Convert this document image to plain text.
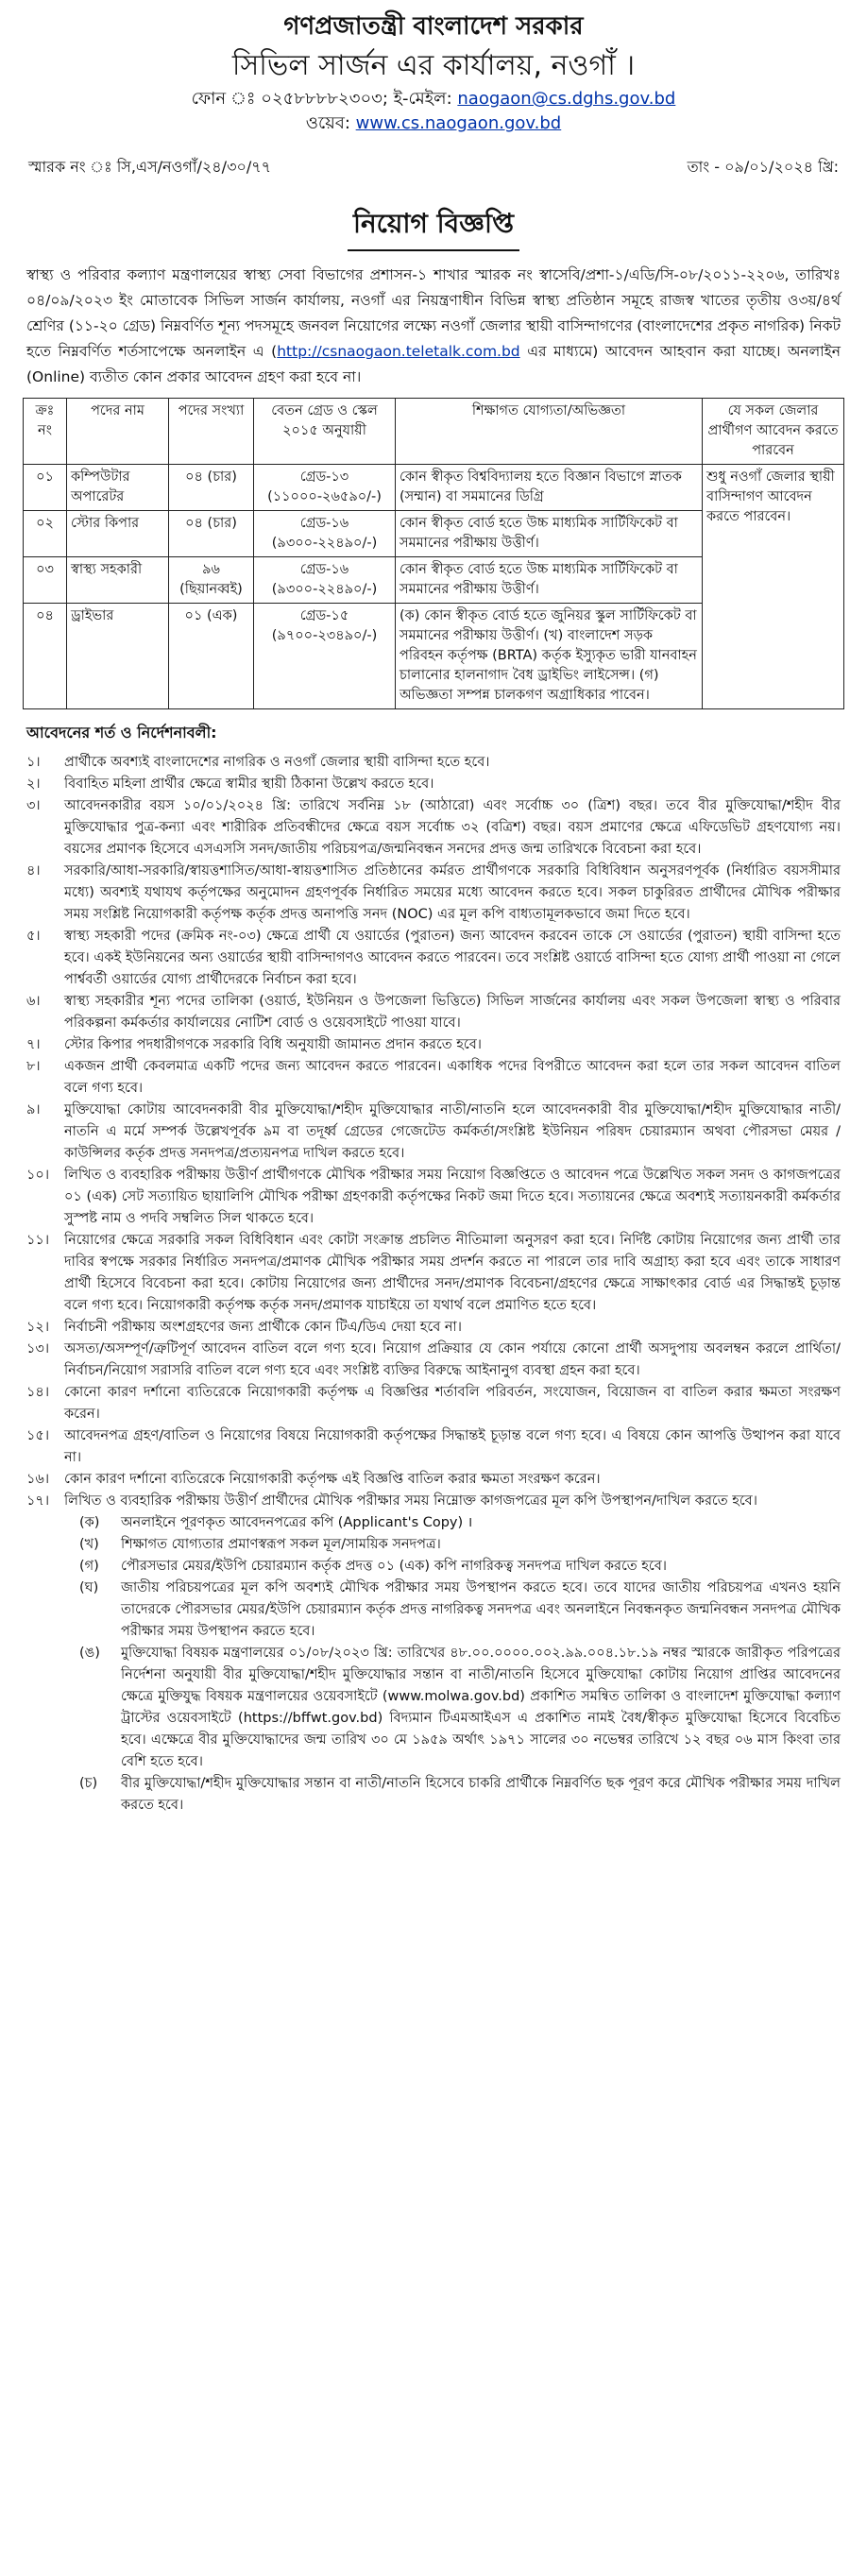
গণপ্রজাতন্ত্রী বাংলাদেশ সরকার
সিভিল সার্জন এর কার্যালয়, নওগাঁ ।
ফোন ঃ ০২৫৮৮৮৮২৩০৩; ই-মেইল: naogaon@cs.dghs.gov.bd
ওয়েব: www.cs.naogaon.gov.bd
স্মারক নং ঃ সি,এস/নওগাঁ/২৪/৩০/৭৭	তাং - ০৯/০১/২০২৪ খ্রি:
নিয়োগ বিজ্ঞপ্তি

স্বাস্থ্য ও পরিবার কল্যাণ মন্ত্রণালয়ের স্বাস্থ্য সেবা বিভাগের প্রশাসন-১ শাখার স্মারক নং স্বাসেবি/প্রশা-১/এডি/সি-০৮/২০১১-২২০৬, তারিখঃ ০৪/০৯/২০২৩ ইং মোতাবেক সিভিল সার্জন কার্যালয়, নওগাঁ এর নিয়ন্ত্রণাধীন বিভিন্ন স্বাস্থ্য প্রতিষ্ঠান সমূহে রাজস্ব খাতের তৃতীয় ও৩য়/৪র্থ শ্রেণির (১১-২০ গ্রেড) নিম্নবর্ণিত শূন্য পদসমূহে জনবল নিয়োগের লক্ষ্যে নওগাঁ জেলার স্থায়ী বাসিন্দাগণের (বাংলাদেশের প্রকৃত নাগরিক) নিকট হতে নিম্নবর্ণিত শর্তসাপেক্ষে অনলাইন এ (http://csnaogaon.teletalk.com.bd এর মাধ্যমে) আবেদন আহবান করা যাচ্ছে। অনলাইন (Online) ব্যতীত কোন প্রকার আবেদন গ্রহণ করা হবে না।

ক্রঃ নং	পদের নাম	পদের সংখ্যা	বেতন গ্রেড ও স্কেল ২০১৫ অনুযায়ী	শিক্ষাগত যোগ্যতা/অভিজ্ঞতা	যে সকল জেলার প্রার্থীগণ আবেদন করতে পারবেন
০১	কম্পিউটার অপারেটর	০৪ (চার)	গ্রেড-১৩ (১১০০০-২৬৫৯০/-)	কোন স্বীকৃত বিশ্ববিদ্যালয় হতে বিজ্ঞান বিভাগে স্নাতক (সম্মান) বা সমমানের ডিগ্রি	শুধু নওগাঁ জেলার স্থায়ী বাসিন্দাগণ আবেদন করতে পারবেন।
০২	স্টোর কিপার	০৪ (চার)	গ্রেড-১৬ (৯৩০০-২২৪৯০/-)	কোন স্বীকৃত বোর্ড হতে উচ্চ মাধ্যমিক সার্টিফিকেট বা সমমানের পরীক্ষায় উত্তীর্ণ।	
০৩	স্বাস্থ্য সহকারী	৯৬ (ছিয়ানব্বই)	গ্রেড-১৬ (৯৩০০-২২৪৯০/-)	কোন স্বীকৃত বোর্ড হতে উচ্চ মাধ্যমিক সার্টিফিকেট বা সমমানের পরীক্ষায় উত্তীর্ণ।	
০৪	ড্রাইভার	০১ (এক)	গ্রেড-১৫ (৯৭০০-২৩৪৯০/-)	(ক) কোন স্বীকৃত বোর্ড হতে জুনিয়র স্কুল সার্টিফিকেট বা সমমানের পরীক্ষায় উত্তীর্ণ। (খ) বাংলাদেশ সড়ক পরিবহন কর্তৃপক্ষ (BRTA) কর্তৃক ইস্যুকৃত ভারী যানবাহন চালানোর হালনাগাদ বৈধ ড্রাইভিং লাইসেন্স। (গ) অভিজ্ঞতা সম্পন্ন চালকগণ অগ্রাধিকার পাবেন।	
আবেদনের শর্ত ও নির্দেশনাবলী:
১।	প্রার্থীকে অবশ্যই বাংলাদেশের নাগরিক ও নওগাঁ জেলার স্থায়ী বাসিন্দা হতে হবে।
২।	বিবাহিত মহিলা প্রার্থীর ক্ষেত্রে স্বামীর স্থায়ী ঠিকানা উল্লেখ করতে হবে।
৩।	আবেদনকারীর বয়স ১০/০১/২০২৪ খ্রি: তারিখে সর্বনিম্ন ১৮ (আঠারো) এবং সর্বোচ্চ ৩০ (ত্রিশ) বছর। তবে বীর মুক্তিযোদ্ধা/শহীদ বীর মুক্তিযোদ্ধার পুত্র-কন্যা এবং শারীরিক প্রতিবন্ধীদের ক্ষেত্রে বয়স সর্বোচ্চ ৩২ (বত্রিশ) বছর। বয়স প্রমাণের ক্ষেত্রে এফিডেভিট গ্রহণযোগ্য নয়। বয়সের প্রমাণক হিসেবে এসএসসি সনদ/জাতীয় পরিচয়পত্র/জন্মনিবন্ধন সনদের প্রদত্ত জন্ম তারিখকে বিবেচনা করা হবে।
৪।	সরকারি/আধা-সরকারি/স্বায়ত্তশাসিত/আধা-স্বায়ত্তশাসিত প্রতিষ্ঠানের কর্মরত প্রার্থীগণকে সরকারি বিধিবিধান অনুসরণপূর্বক (নির্ধারিত বয়সসীমার মধ্যে) অবশ্যই যথাযথ কর্তৃপক্ষের অনুমোদন গ্রহণপূর্বক নির্ধারিত সময়ের মধ্যে আবেদন করতে হবে। সকল চাকুরিরত প্রার্থীদের মৌখিক পরীক্ষার সময় সংশ্লিষ্ট নিয়োগকারী কর্তৃপক্ষ কর্তৃক প্রদত্ত অনাপত্তি সনদ (NOC) এর মূল কপি বাধ্যতামূলকভাবে জমা দিতে হবে।
৫।	স্বাস্থ্য সহকারী পদের (ক্রমিক নং-০৩) ক্ষেত্রে প্রার্থী যে ওয়ার্ডের (পুরাতন) জন্য আবেদন করবেন তাকে সে ওয়ার্ডের (পুরাতন) স্থায়ী বাসিন্দা হতে হবে। একই ইউনিয়নের অন্য ওয়ার্ডের স্থায়ী বাসিন্দাগণও আবেদন করতে পারবেন। তবে সংশ্লিষ্ট ওয়ার্ডে বাসিন্দা হতে যোগ্য প্রার্থী পাওয়া না গেলে পার্শ্ববর্তী ওয়ার্ডের যোগ্য প্রার্থীদেরকে নির্বাচন করা হবে।
৬।	স্বাস্থ্য সহকারীর শূন্য পদের তালিকা (ওয়ার্ড, ইউনিয়ন ও উপজেলা ভিত্তিতে) সিভিল সার্জনের কার্যালয় এবং সকল উপজেলা স্বাস্থ্য ও পরিবার পরিকল্পনা কর্মকর্তার কার্যালয়ের নোটিশ বোর্ড ও ওয়েবসাইটে পাওয়া যাবে।
৭।	স্টোর কিপার পদধারীগণকে সরকারি বিধি অনুযায়ী জামানত প্রদান করতে হবে।
৮।	একজন প্রার্থী কেবলমাত্র একটি পদের জন্য আবেদন করতে পারবেন। একাধিক পদের বিপরীতে আবেদন করা হলে তার সকল আবেদন বাতিল বলে গণ্য হবে।
৯।	মুক্তিযোদ্ধা কোটায় আবেদনকারী বীর মুক্তিযোদ্ধা/শহীদ মুক্তিযোদ্ধার নাতী/নাতনি হলে আবেদনকারী বীর মুক্তিযোদ্ধা/শহীদ মুক্তিযোদ্ধার নাতী/নাতনি এ মর্মে সম্পর্ক উল্লেখপূর্বক ৯ম বা তদূর্ধ্ব গ্রেডের গেজেটেড কর্মকর্তা/সংশ্লিষ্ট ইউনিয়ন পরিষদ চেয়ারম্যান অথবা পৌরসভা মেয়র /কাউন্সিলর কর্তৃক প্রদত্ত সনদপত্র/প্রত্যয়নপত্র দাখিল করতে হবে।
১০।	লিখিত ও ব্যবহারিক পরীক্ষায় উত্তীর্ণ প্রার্থীগণকে মৌখিক পরীক্ষার সময় নিয়োগ বিজ্ঞপ্তিতে ও আবেদন পত্রে উল্লেখিত সকল সনদ ও কাগজপত্রের ০১ (এক) সেট সত্যায়িত ছায়ালিপি মৌখিক পরীক্ষা গ্রহণকারী কর্তৃপক্ষের নিকট জমা দিতে হবে। সত্যায়নের ক্ষেত্রে অবশ্যই সত্যায়নকারী কর্মকর্তার সুস্পষ্ট নাম ও পদবি সম্বলিত সিল থাকতে হবে।
১১।	নিয়োগের ক্ষেত্রে সরকারি সকল বিধিবিধান এবং কোটা সংক্রান্ত প্রচলিত নীতিমালা অনুসরণ করা হবে। নির্দিষ্ট কোটায় নিয়োগের জন্য প্রার্থী তার দাবির স্বপক্ষে সরকার নির্ধারিত সনদপত্র/প্রমাণক মৌখিক পরীক্ষার সময় প্রদর্শন করতে না পারলে তার দাবি অগ্রাহ্য করা হবে এবং তাকে সাধারণ প্রার্থী হিসেবে বিবেচনা করা হবে। কোটায় নিয়োগের জন্য প্রার্থীদের সনদ/প্রমাণক বিবেচনা/গ্রহণের ক্ষেত্রে সাক্ষাৎকার বোর্ড এর সিদ্ধান্তই চূড়ান্ত বলে গণ্য হবে। নিয়োগকারী কর্তৃপক্ষ কর্তৃক সনদ/প্রমাণক যাচাইয়ে তা যথার্থ বলে প্রমাণিত হতে হবে।
১২।	নির্বাচনী পরীক্ষায় অংশগ্রহণের জন্য প্রার্থীকে কোন টিএ/ডিএ দেয়া হবে না।
১৩।	অসত্য/অসম্পূর্ণ/ত্রুটিপূর্ণ আবেদন বাতিল বলে গণ্য হবে। নিয়োগ প্রক্রিয়ার যে কোন পর্যায়ে কোনো প্রার্থী অসদুপায় অবলম্বন করলে প্রার্থিতা/নির্বাচন/নিয়োগ সরাসরি বাতিল বলে গণ্য হবে এবং সংশ্লিষ্ট ব্যক্তির বিরুদ্ধে আইনানুগ ব্যবস্থা গ্রহন করা হবে।
১৪।	কোনো কারণ দর্শানো ব্যতিরেকে নিয়োগকারী কর্তৃপক্ষ এ বিজ্ঞপ্তির শর্তাবলি পরিবর্তন, সংযোজন, বিয়োজন বা বাতিল করার ক্ষমতা সংরক্ষণ করেন।
১৫।	আবেদনপত্র গ্রহণ/বাতিল ও নিয়োগের বিষয়ে নিয়োগকারী কর্তৃপক্ষের সিদ্ধান্তই চূড়ান্ত বলে গণ্য হবে। এ বিষয়ে কোন আপত্তি উত্থাপন করা যাবে না।
১৬।	কোন কারণ দর্শানো ব্যতিরেকে নিয়োগকারী কর্তৃপক্ষ এই বিজ্ঞপ্তি বাতিল করার ক্ষমতা সংরক্ষণ করেন।
১৭।	লিখিত ও ব্যবহারিক পরীক্ষায় উত্তীর্ণ প্রার্থীদের মৌখিক পরীক্ষার সময় নিম্নোক্ত কাগজপত্রের মূল কপি উপস্থাপন/দাখিল করতে হবে।
(ক)	অনলাইনে পূরণকৃত আবেদনপত্রের কপি (Applicant's Copy) ।
(খ)	শিক্ষাগত যোগ্যতার প্রমাণস্বরূপ সকল মূল/সাময়িক সনদপত্র।
(গ)	পৌরসভার মেয়র/ইউপি চেয়ারম্যান কর্তৃক প্রদত্ত ০১ (এক) কপি নাগরিকত্ব সনদপত্র দাখিল করতে হবে।
(ঘ)	জাতীয় পরিচয়পত্রের মূল কপি অবশ্যই মৌখিক পরীক্ষার সময় উপস্থাপন করতে হবে। তবে যাদের জাতীয় পরিচয়পত্র এখনও হয়নি তাদেরকে পৌরসভার মেয়র/ইউপি চেয়ারম্যান কর্তৃক প্রদত্ত নাগরিকত্ব সনদপত্র এবং অনলাইনে নিবন্ধনকৃত জন্মনিবন্ধন সনদপত্র মৌখিক পরীক্ষার সময় উপস্থাপন করতে হবে।
(ঙ)	মুক্তিযোদ্ধা বিষয়ক মন্ত্রণালয়ের ০১/০৮/২০২৩ খ্রি: তারিখের ৪৮.০০.০০০০.০০২.৯৯.০০৪.১৮.১৯ নম্বর স্মারকে জারীকৃত পরিপত্রের নির্দেশনা অনুযায়ী বীর মুক্তিযোদ্ধা/শহীদ মুক্তিযোদ্ধার সন্তান বা নাতী/নাতনি হিসেবে মুক্তিযোদ্ধা কোটায় নিয়োগ প্রাপ্তির আবেদনের ক্ষেত্রে মুক্তিযুদ্ধ বিষয়ক মন্ত্রণালয়ের ওয়েবসাইটে (www.molwa.gov.bd) প্রকাশিত সমন্বিত তালিকা ও বাংলাদেশ মুক্তিযোদ্ধা কল্যাণ ট্রাস্টের ওয়েবসাইটে (https://bffwt.gov.bd) বিদ্যমান টিএমআইএস এ প্রকাশিত নামই বৈধ/স্বীকৃত মুক্তিযোদ্ধা হিসেবে বিবেচিত হবে। এক্ষেত্রে বীর মুক্তিযোদ্ধাদের জন্ম তারিখ ৩০ মে ১৯৫৯ অর্থাৎ ১৯৭১ সালের ৩০ নভেম্বর তারিখে ১২ বছর ০৬ মাস কিংবা তার বেশি হতে হবে।
(চ)	বীর মুক্তিযোদ্ধা/শহীদ মুক্তিযোদ্ধার সন্তান বা নাতী/নাতনি হিসেবে চাকরি প্রার্থীকে নিম্নবর্ণিত ছক পূরণ করে মৌখিক পরীক্ষার সময় দাখিল করতে হবে।
